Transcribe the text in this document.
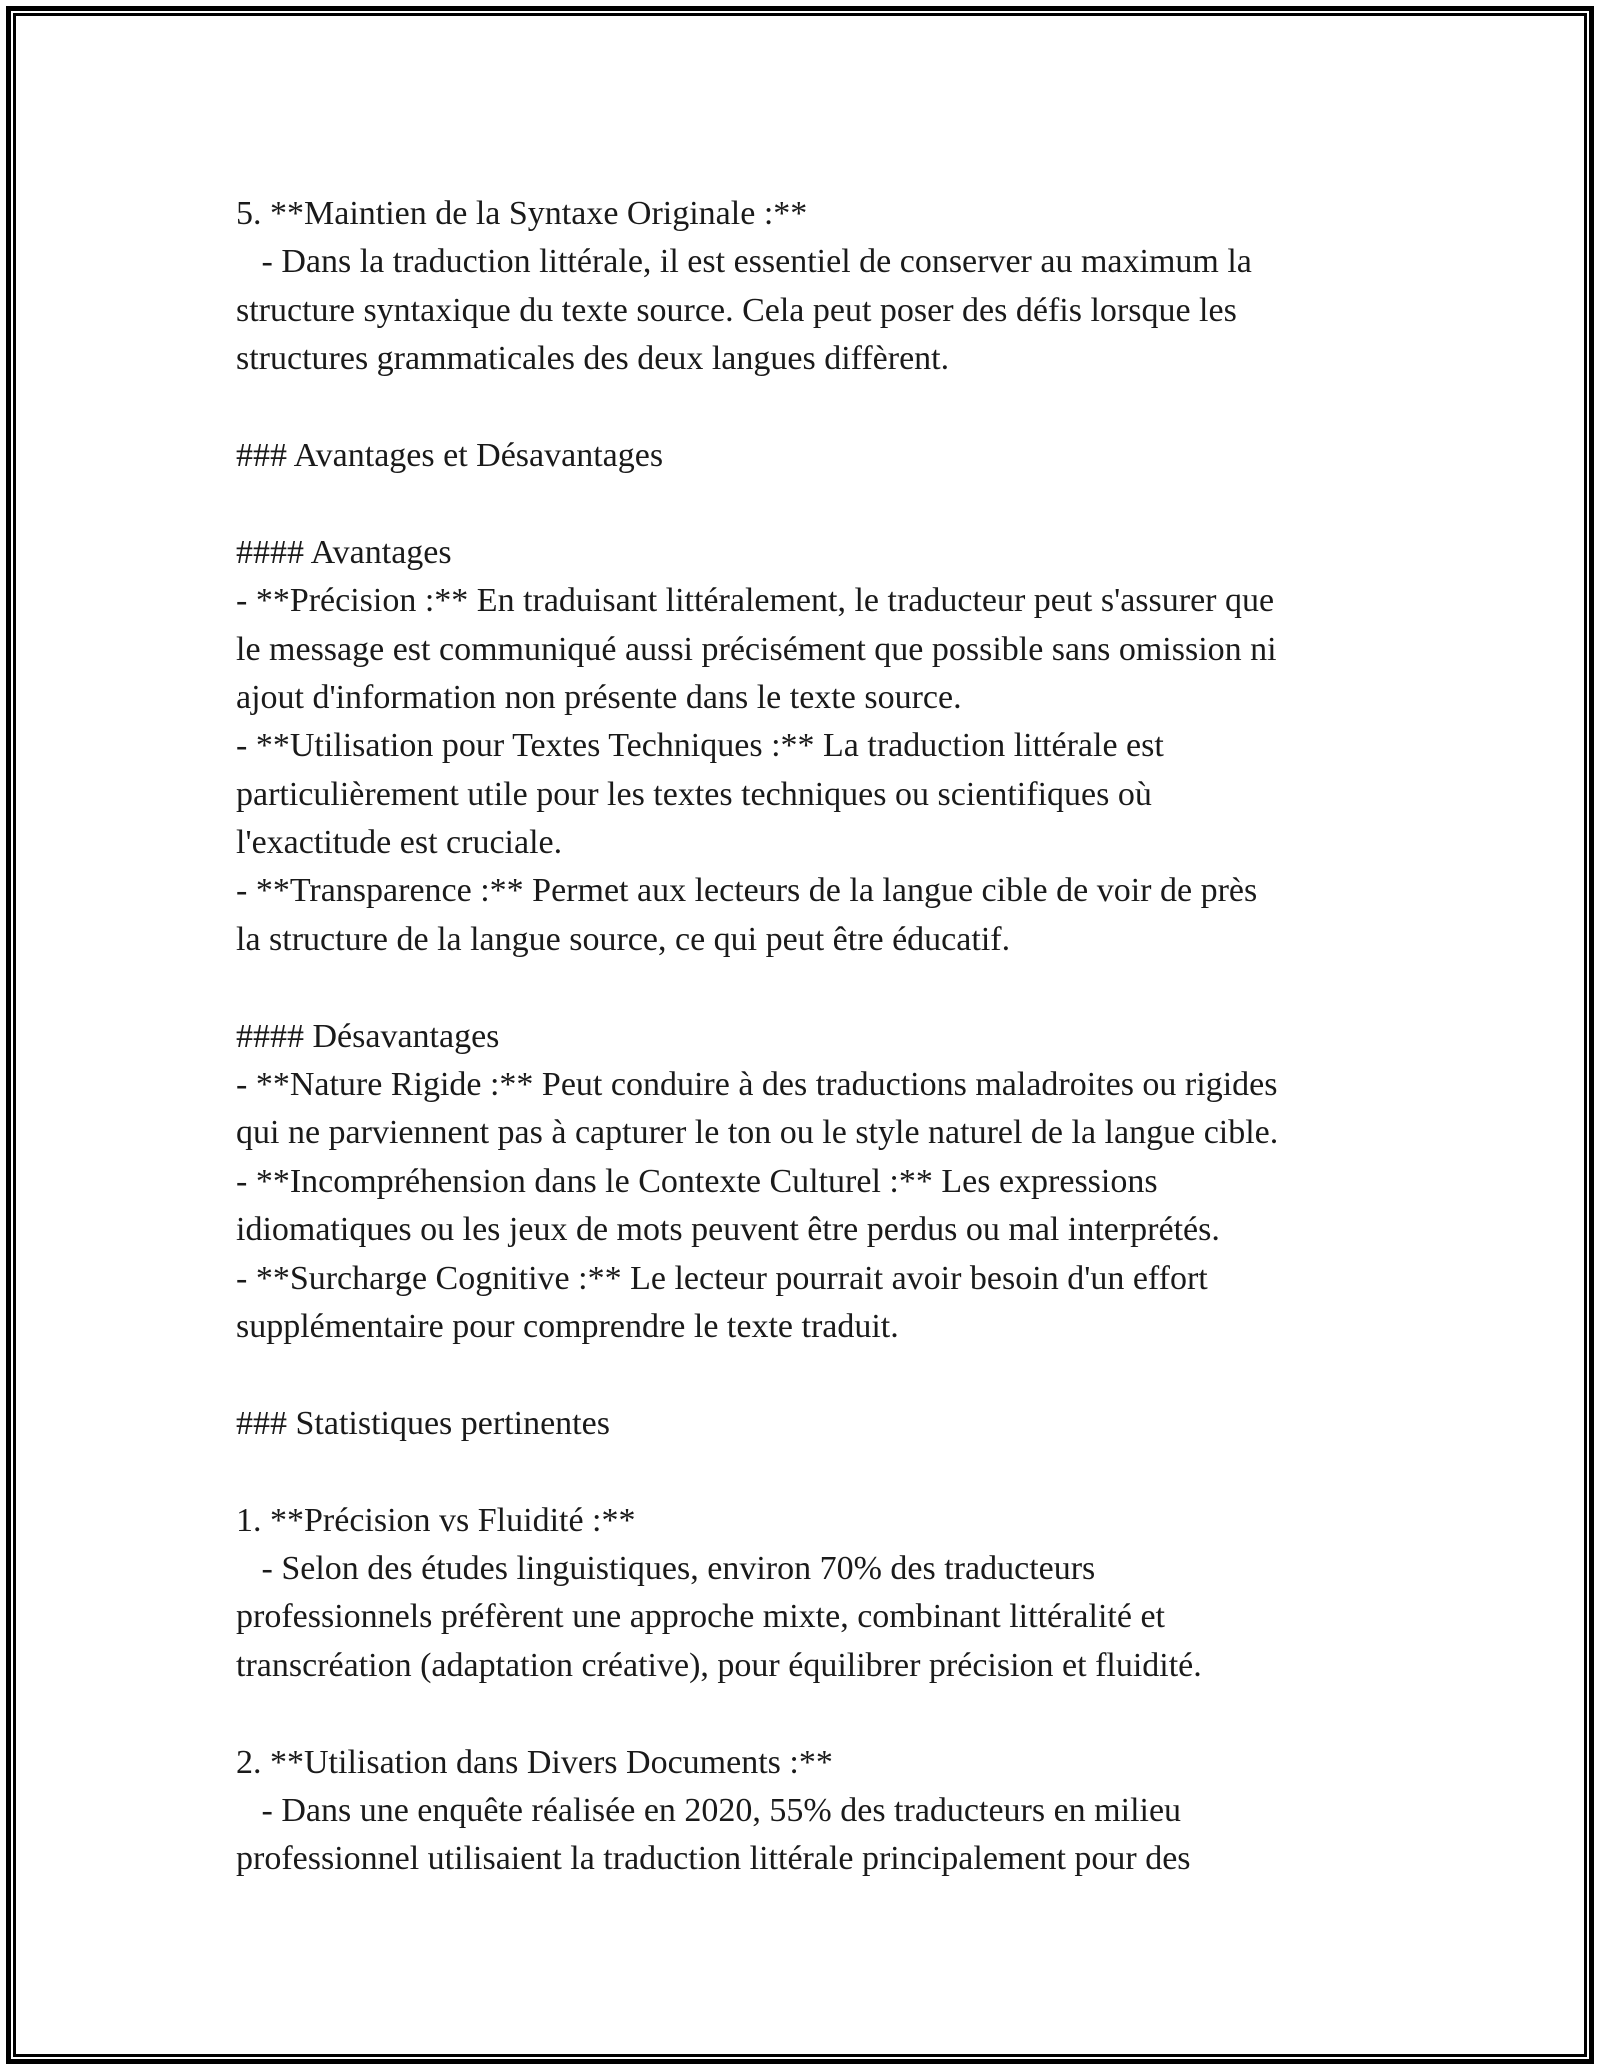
5. **Maintien de la Syntaxe Originale :**
- Dans la traduction littérale, il est essentiel de conserver au maximum la
structure syntaxique du texte source. Cela peut poser des défis lorsque les
structures grammaticales des deux langues diffèrent.
### Avantages et Désavantages
#### Avantages
- **Précision :** En traduisant littéralement, le traducteur peut s'assurer que
le message est communiqué aussi précisément que possible sans omission ni
ajout d'information non présente dans le texte source.
- **Utilisation pour Textes Techniques :** La traduction littérale est
particulièrement utile pour les textes techniques ou scientifiques où
l'exactitude est cruciale.
- **Transparence :** Permet aux lecteurs de la langue cible de voir de près
la structure de la langue source, ce qui peut être éducatif.
#### Désavantages
- **Nature Rigide :** Peut conduire à des traductions maladroites ou rigides
qui ne parviennent pas à capturer le ton ou le style naturel de la langue cible.
- **Incompréhension dans le Contexte Culturel :** Les expressions
idiomatiques ou les jeux de mots peuvent être perdus ou mal interprétés.
- **Surcharge Cognitive :** Le lecteur pourrait avoir besoin d'un effort
supplémentaire pour comprendre le texte traduit.
### Statistiques pertinentes
1. **Précision vs Fluidité :**
- Selon des études linguistiques, environ 70% des traducteurs
professionnels préfèrent une approche mixte, combinant littéralité et
transcréation (adaptation créative), pour équilibrer précision et fluidité.
2. **Utilisation dans Divers Documents :**
- Dans une enquête réalisée en 2020, 55% des traducteurs en milieu
professionnel utilisaient la traduction littérale principalement pour des
